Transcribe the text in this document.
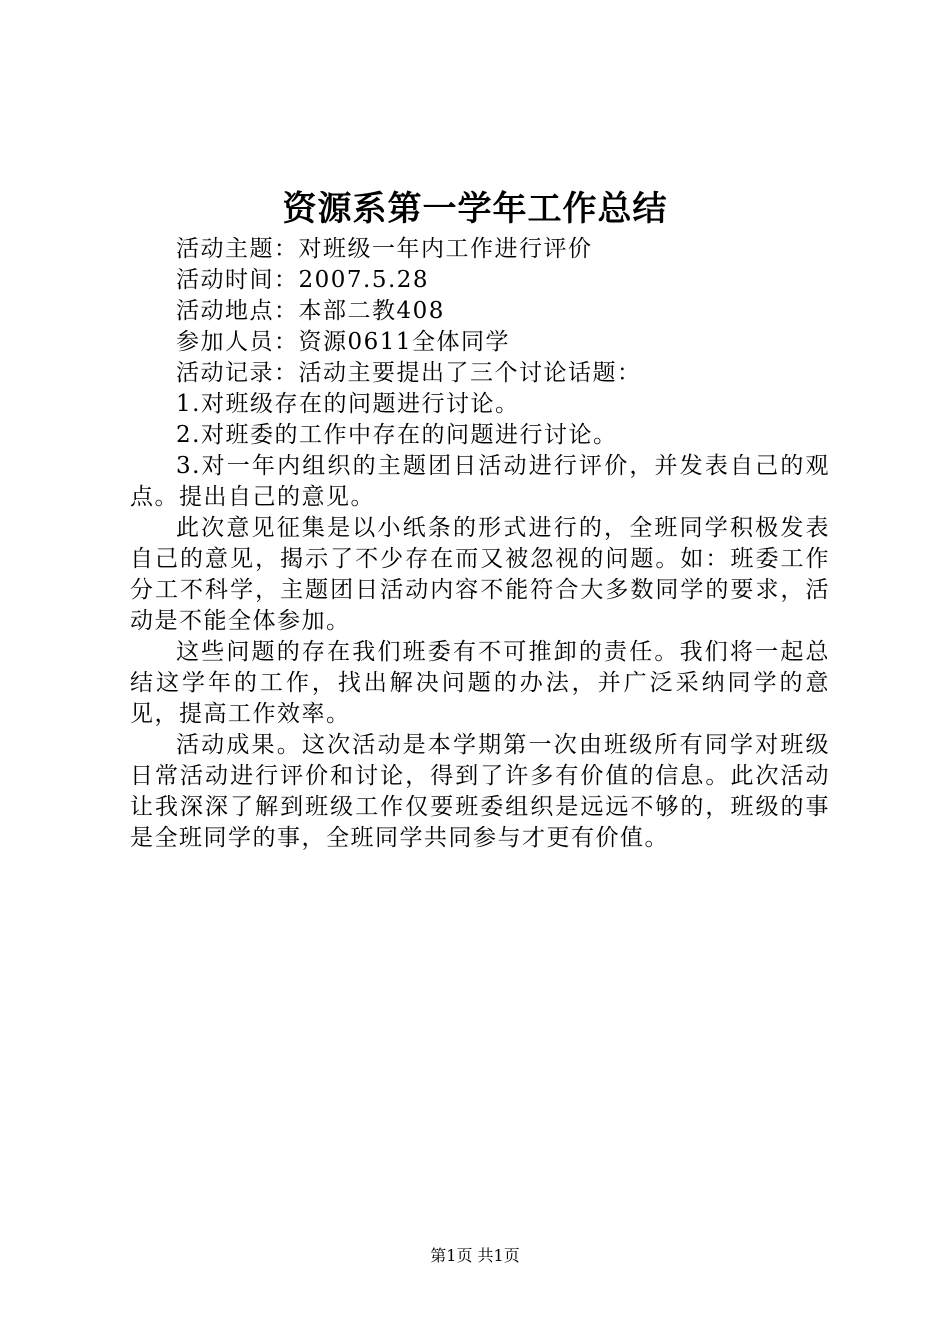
资源系第一学年工作总结

活动主题：对班级一年内工作进行评价

活动时间：2007.5.28

活动地点：本部二教408

参加人员：资源0611全体同学

活动记录：活动主要提出了三个讨论话题：

1.对班级存在的问题进行讨论。

2.对班委的工作中存在的问题进行讨论。

3.对一年内组织的主题团日活动进行评价，并发表自己的观点。提出自己的意见。

此次意见征集是以小纸条的形式进行的，全班同学积极发表自己的意见，揭示了不少存在而又被忽视的问题。如：班委工作分工不科学，主题团日活动内容不能符合大多数同学的要求，活动是不能全体参加。

这些问题的存在我们班委有不可推卸的责任。我们将一起总结这学年的工作，找出解决问题的办法，并广泛采纳同学的意见，提高工作效率。

活动成果。这次活动是本学期第一次由班级所有同学对班级日常活动进行评价和讨论，得到了许多有价值的信息。此次活动让我深深了解到班级工作仅要班委组织是远远不够的，班级的事是全班同学的事，全班同学共同参与才更有价值。

第1页 共1页
